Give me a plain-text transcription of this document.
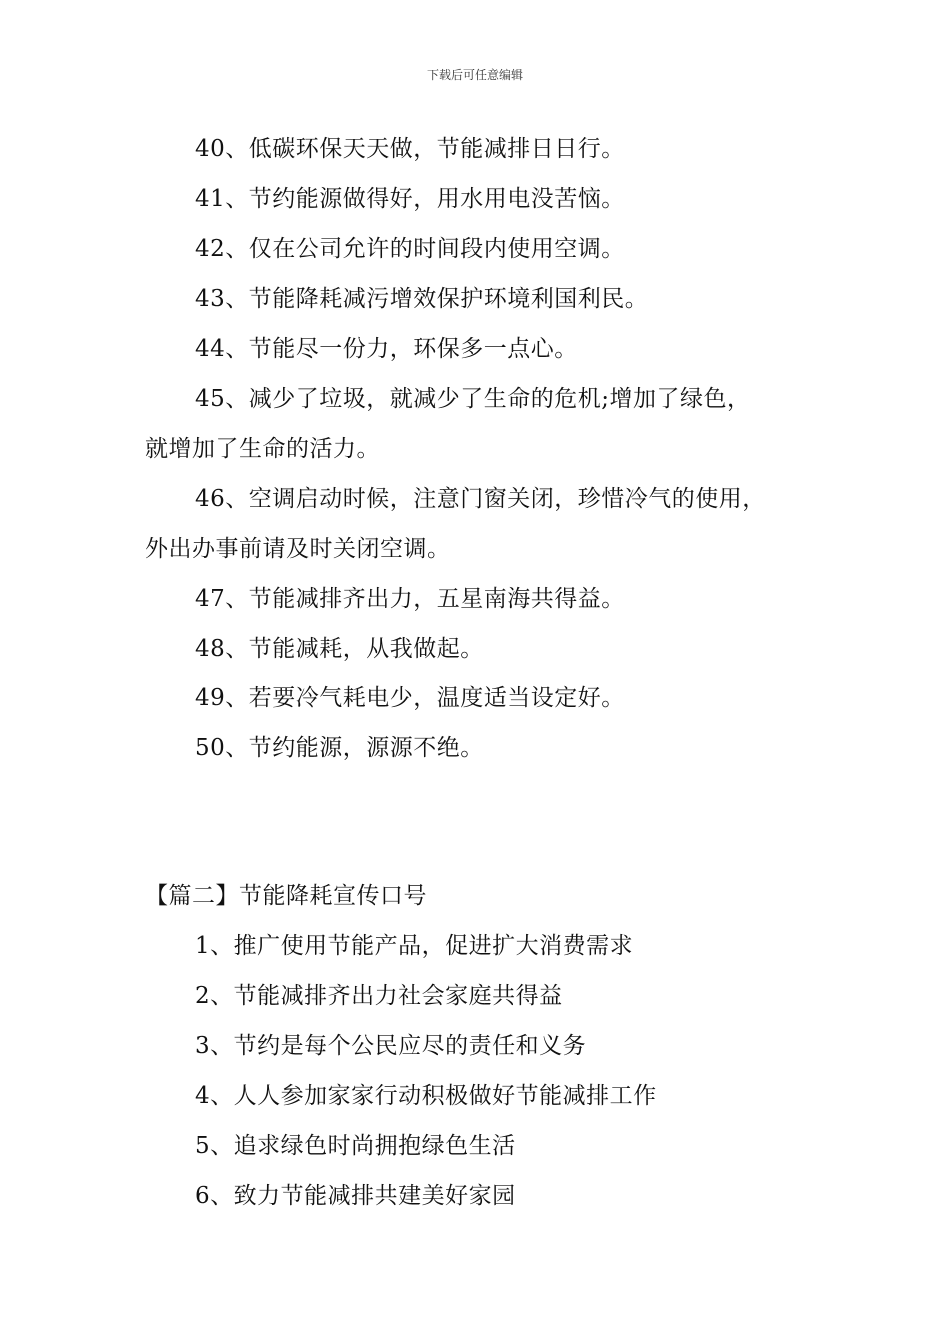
下载后可任意编辑
40、低碳环保天天做，节能减排日日行。
41、节约能源做得好，用水用电没苦恼。
42、仅在公司允许的时间段内使用空调。
43、节能降耗减污增效保护环境利国利民。
44、节能尽一份力，环保多一点心。
45、减少了垃圾，就减少了生命的危机;增加了绿色，
就增加了生命的活力。
46、空调启动时候，注意门窗关闭，珍惜冷气的使用，
外出办事前请及时关闭空调。
47、节能减排齐出力，五星南海共得益。
48、节能减耗，从我做起。
49、若要冷气耗电少，温度适当设定好。
50、节约能源，源源不绝。
【篇二】节能降耗宣传口号
1、推广使用节能产品，促进扩大消费需求
2、节能减排齐出力社会家庭共得益
3、节约是每个公民应尽的责任和义务
4、人人参加家家行动积极做好节能减排工作
5、追求绿色时尚拥抱绿色生活
6、致力节能减排共建美好家园
